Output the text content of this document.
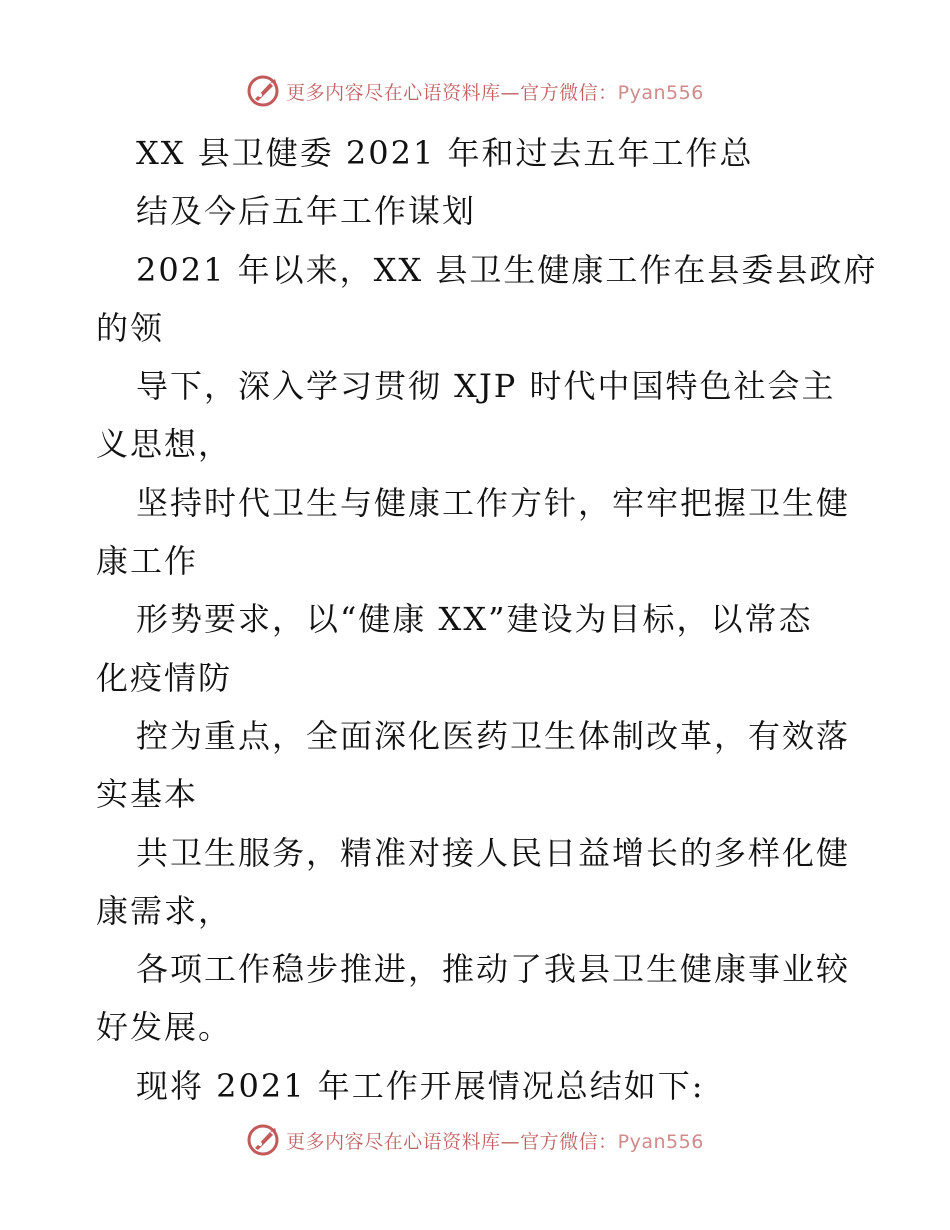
更多内容尽在心语资料库—官方微信：Pyan556

XX 县卫健委 2021 年和过去五年工作总

结及今后五年工作谋划

2021 年以来，XX 县卫生健康工作在县委县政府

的领

导下，深入学习贯彻 XJP 时代中国特色社会主

义思想，

坚持时代卫生与健康工作方针，牢牢把握卫生健

康工作

形势要求，以“健康 XX”建设为目标，以常态

化疫情防

控为重点，全面深化医药卫生体制改革，有效落

实基本

共卫生服务，精准对接人民日益增长的多样化健

康需求，

各项工作稳步推进，推动了我县卫生健康事业较

好发展。

现将 2021 年工作开展情况总结如下:

更多内容尽在心语资料库—官方微信：Pyan556
